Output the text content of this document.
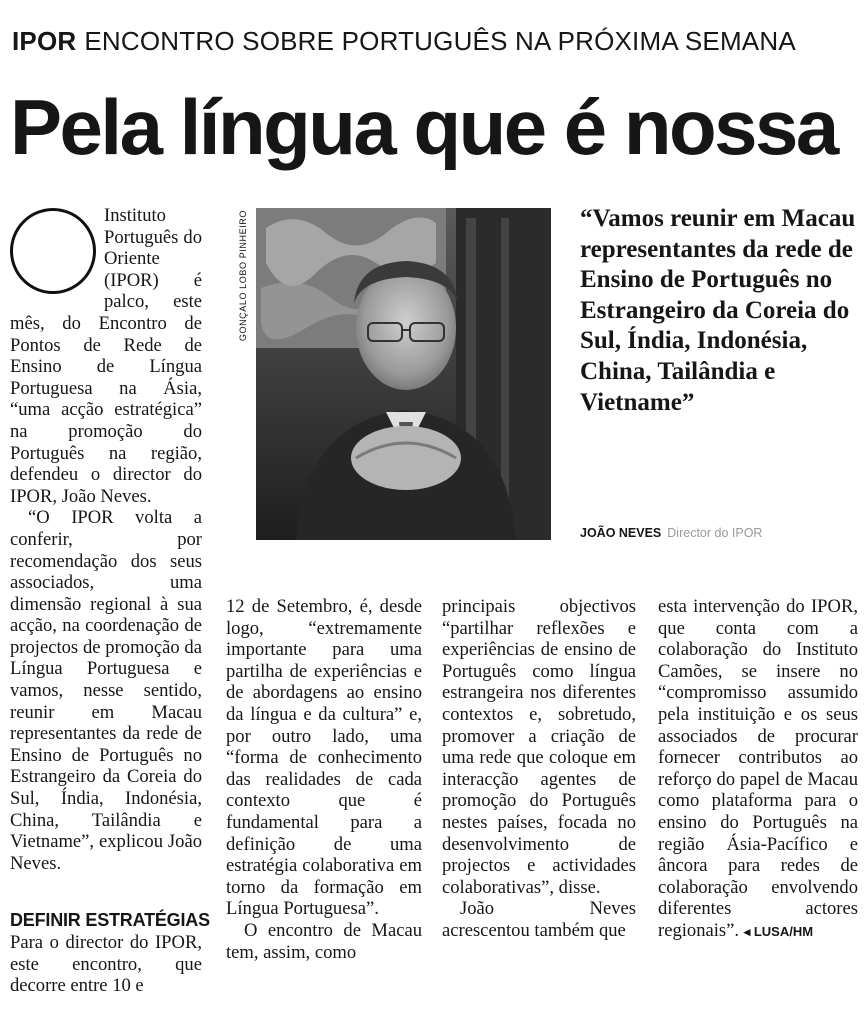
IPOR ENCONTRO SOBRE PORTUGUÊS NA PRÓXIMA SEMANA
Pela língua que é nossa

Instituto Português do Oriente (IPOR) é palco, este mês, do Encontro de Pontos de Rede de Ensino de Língua Portuguesa na Ásia, “uma acção estratégica” na promoção do Português na região, defendeu o director do IPOR, João Neves.

“O IPOR volta a conferir, por recomendação dos seus associados, uma dimensão regional à sua acção, na coordenação de projectos de promoção da Língua Portuguesa e vamos, nesse sentido, reunir em Macau representantes da rede de Ensino de Português no Estrangeiro da Coreia do Sul, Índia, Indonésia, China, Tailândia e Vietname”, explicou João Neves.

DEFINIR ESTRATÉGIAS

Para o director do IPOR, este encontro, que decorre entre 10 e

GONÇALO LOBO PINHEIRO	“Vamos reunir em Macau representantes da rede de Ensino de Português no Estrangeiro da Coreia do Sul, Índia, Indonésia, China, Tailândia e Vietname”
JOÃO NEVES Director do IPOR

12 de Setembro, é, desde logo, “extremamente importante para uma partilha de experiências e de abordagens ao ensino da língua e da cultura” e, por outro lado, uma “forma de conhecimento das realidades de cada contexto que é fundamental para a definição de uma estratégia colaborativa em torno da formação em Língua Portuguesa”.

O encontro de Macau tem, assim, como

principais objectivos “partilhar reflexões e experiências de ensino de Português como língua estrangeira nos diferentes contextos e, sobretudo, promover a criação de uma rede que coloque em interacção agentes de promoção do Português nestes países, focada no desenvolvimento de projectos e actividades colaborativas”, disse.

João Neves acrescentou também que

esta intervenção do IPOR, que conta com a colaboração do Instituto Camões, se insere no “compromisso assumido pela instituição e os seus associados de procurar fornecer contributos ao reforço do papel de Macau como plataforma para o ensino do Português na região Ásia-Pacífico e âncora para redes de colaboração envolvendo diferentes actores regionais”. ◂ LUSA/HM
